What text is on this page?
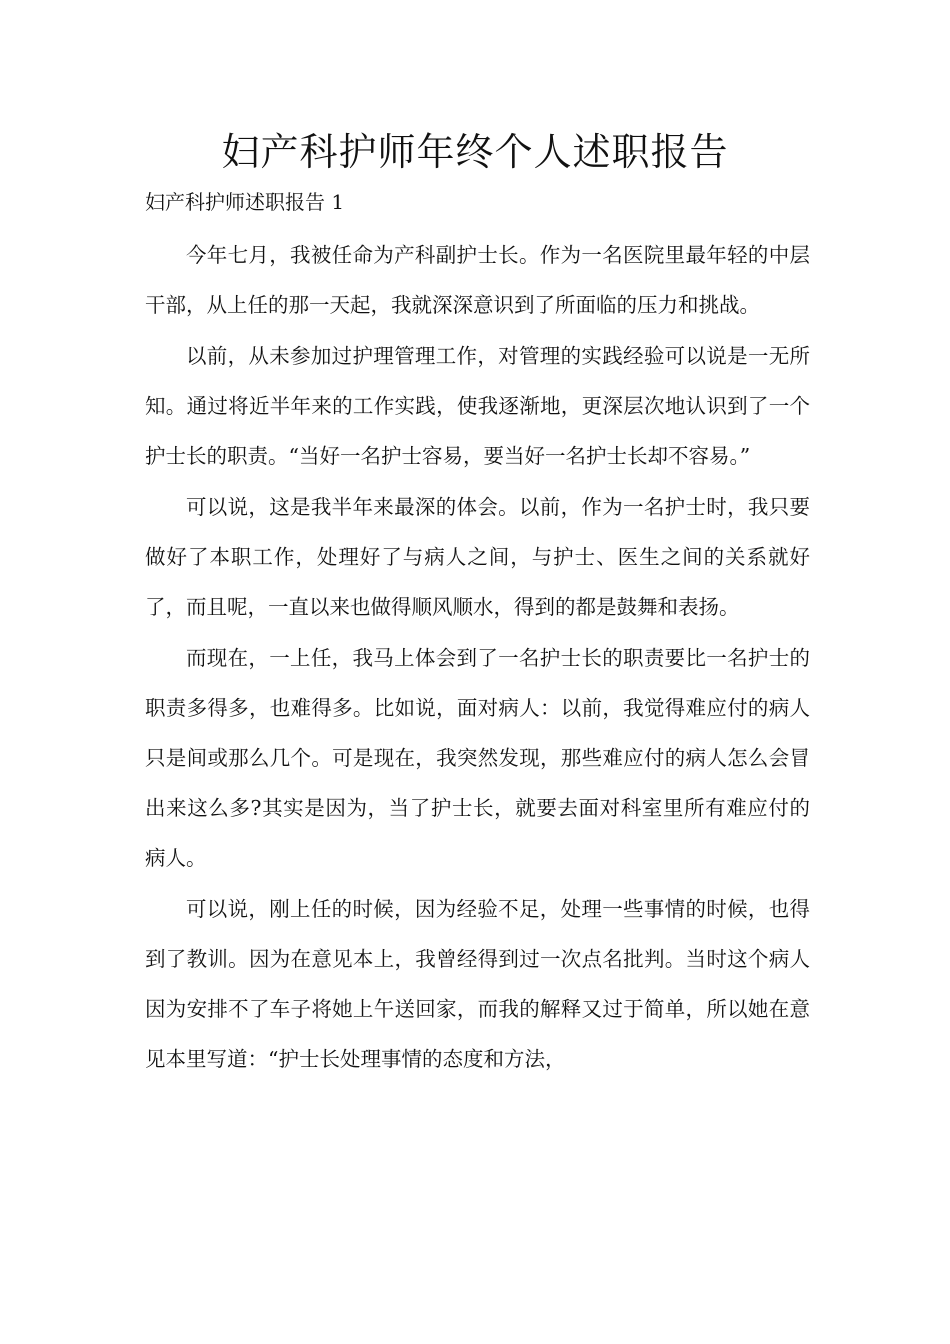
妇产科护师年终个人述职报告

妇产科护师述职报告 1

今年七月，我被任命为产科副护士长。作为一名医院里最年轻的中层干部，从上任的那一天起，我就深深意识到了所面临的压力和挑战。

以前，从未参加过护理管理工作，对管理的实践经验可以说是一无所知。通过将近半年来的工作实践，使我逐渐地，更深层次地认识到了一个护士长的职责。“当好一名护士容易，要当好一名护士长却不容易。”

可以说，这是我半年来最深的体会。以前，作为一名护士时，我只要做好了本职工作，处理好了与病人之间，与护士、医生之间的关系就好了，而且呢，一直以来也做得顺风顺水，得到的都是鼓舞和表扬。

而现在，一上任，我马上体会到了一名护士长的职责要比一名护士的职责多得多，也难得多。比如说，面对病人：以前，我觉得难应付的病人只是间或那么几个。可是现在，我突然发现，那些难应付的病人怎么会冒出来这么多?其实是因为，当了护士长，就要去面对科室里所有难应付的病人。

可以说，刚上任的时候，因为经验不足，处理一些事情的时候，也得到了教训。因为在意见本上，我曾经得到过一次点名批判。当时这个病人因为安排不了车子将她上午送回家，而我的解释又过于简单，所以她在意见本里写道：“护士长处理事情的态度和方法，
